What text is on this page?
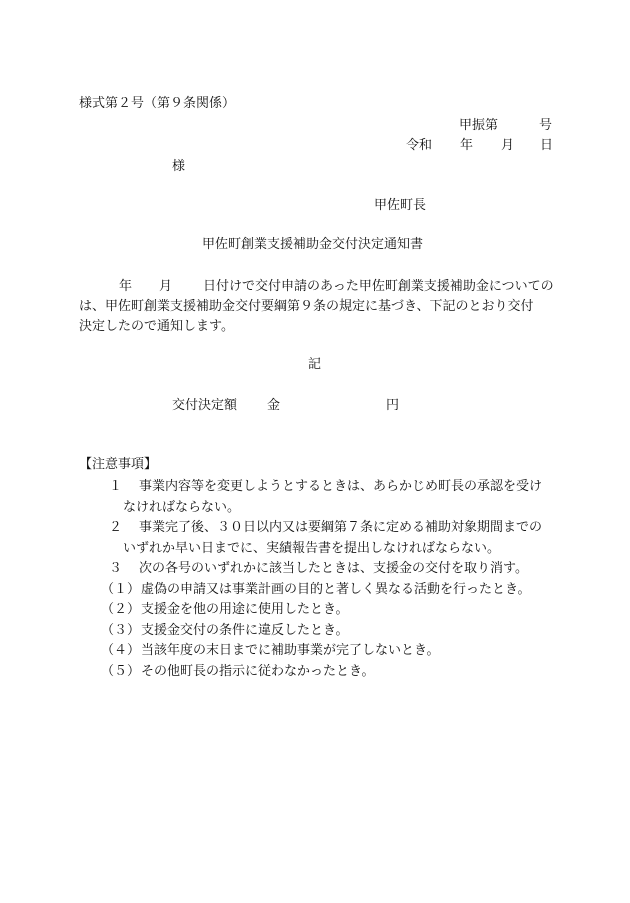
様式第２号（第９条関係）
甲振第	号
令和 年 月 日
様
甲佐町長
甲佐町創業支援補助金交付決定通知書
年 月 日付けで交付申請のあった甲佐町創業支援補助金についての
は、甲佐町創業支援補助金交付要綱第９条の規定に基づき、下記のとおり交付
決定したので通知します。
記
交付決定額 金	円
【注意事項】
１ 事業内容等を変更しようとするときは、あらかじめ町長の承認を受け
なければならない。
２ 事業完了後、３０日以内又は要綱第７条に定める補助対象期間までの
いずれか早い日までに、実績報告書を提出しなければならない。
３ 次の各号のいずれかに該当したときは、支援金の交付を取り消す。
（１） 虚偽の申請又は事業計画の目的と著しく異なる活動を行ったとき。
（２） 支援金を他の用途に使用したとき。
（３） 支援金交付の条件に違反したとき。
（４） 当該年度の末日までに補助事業が完了しないとき。
（５） その他町長の指示に従わなかったとき。
